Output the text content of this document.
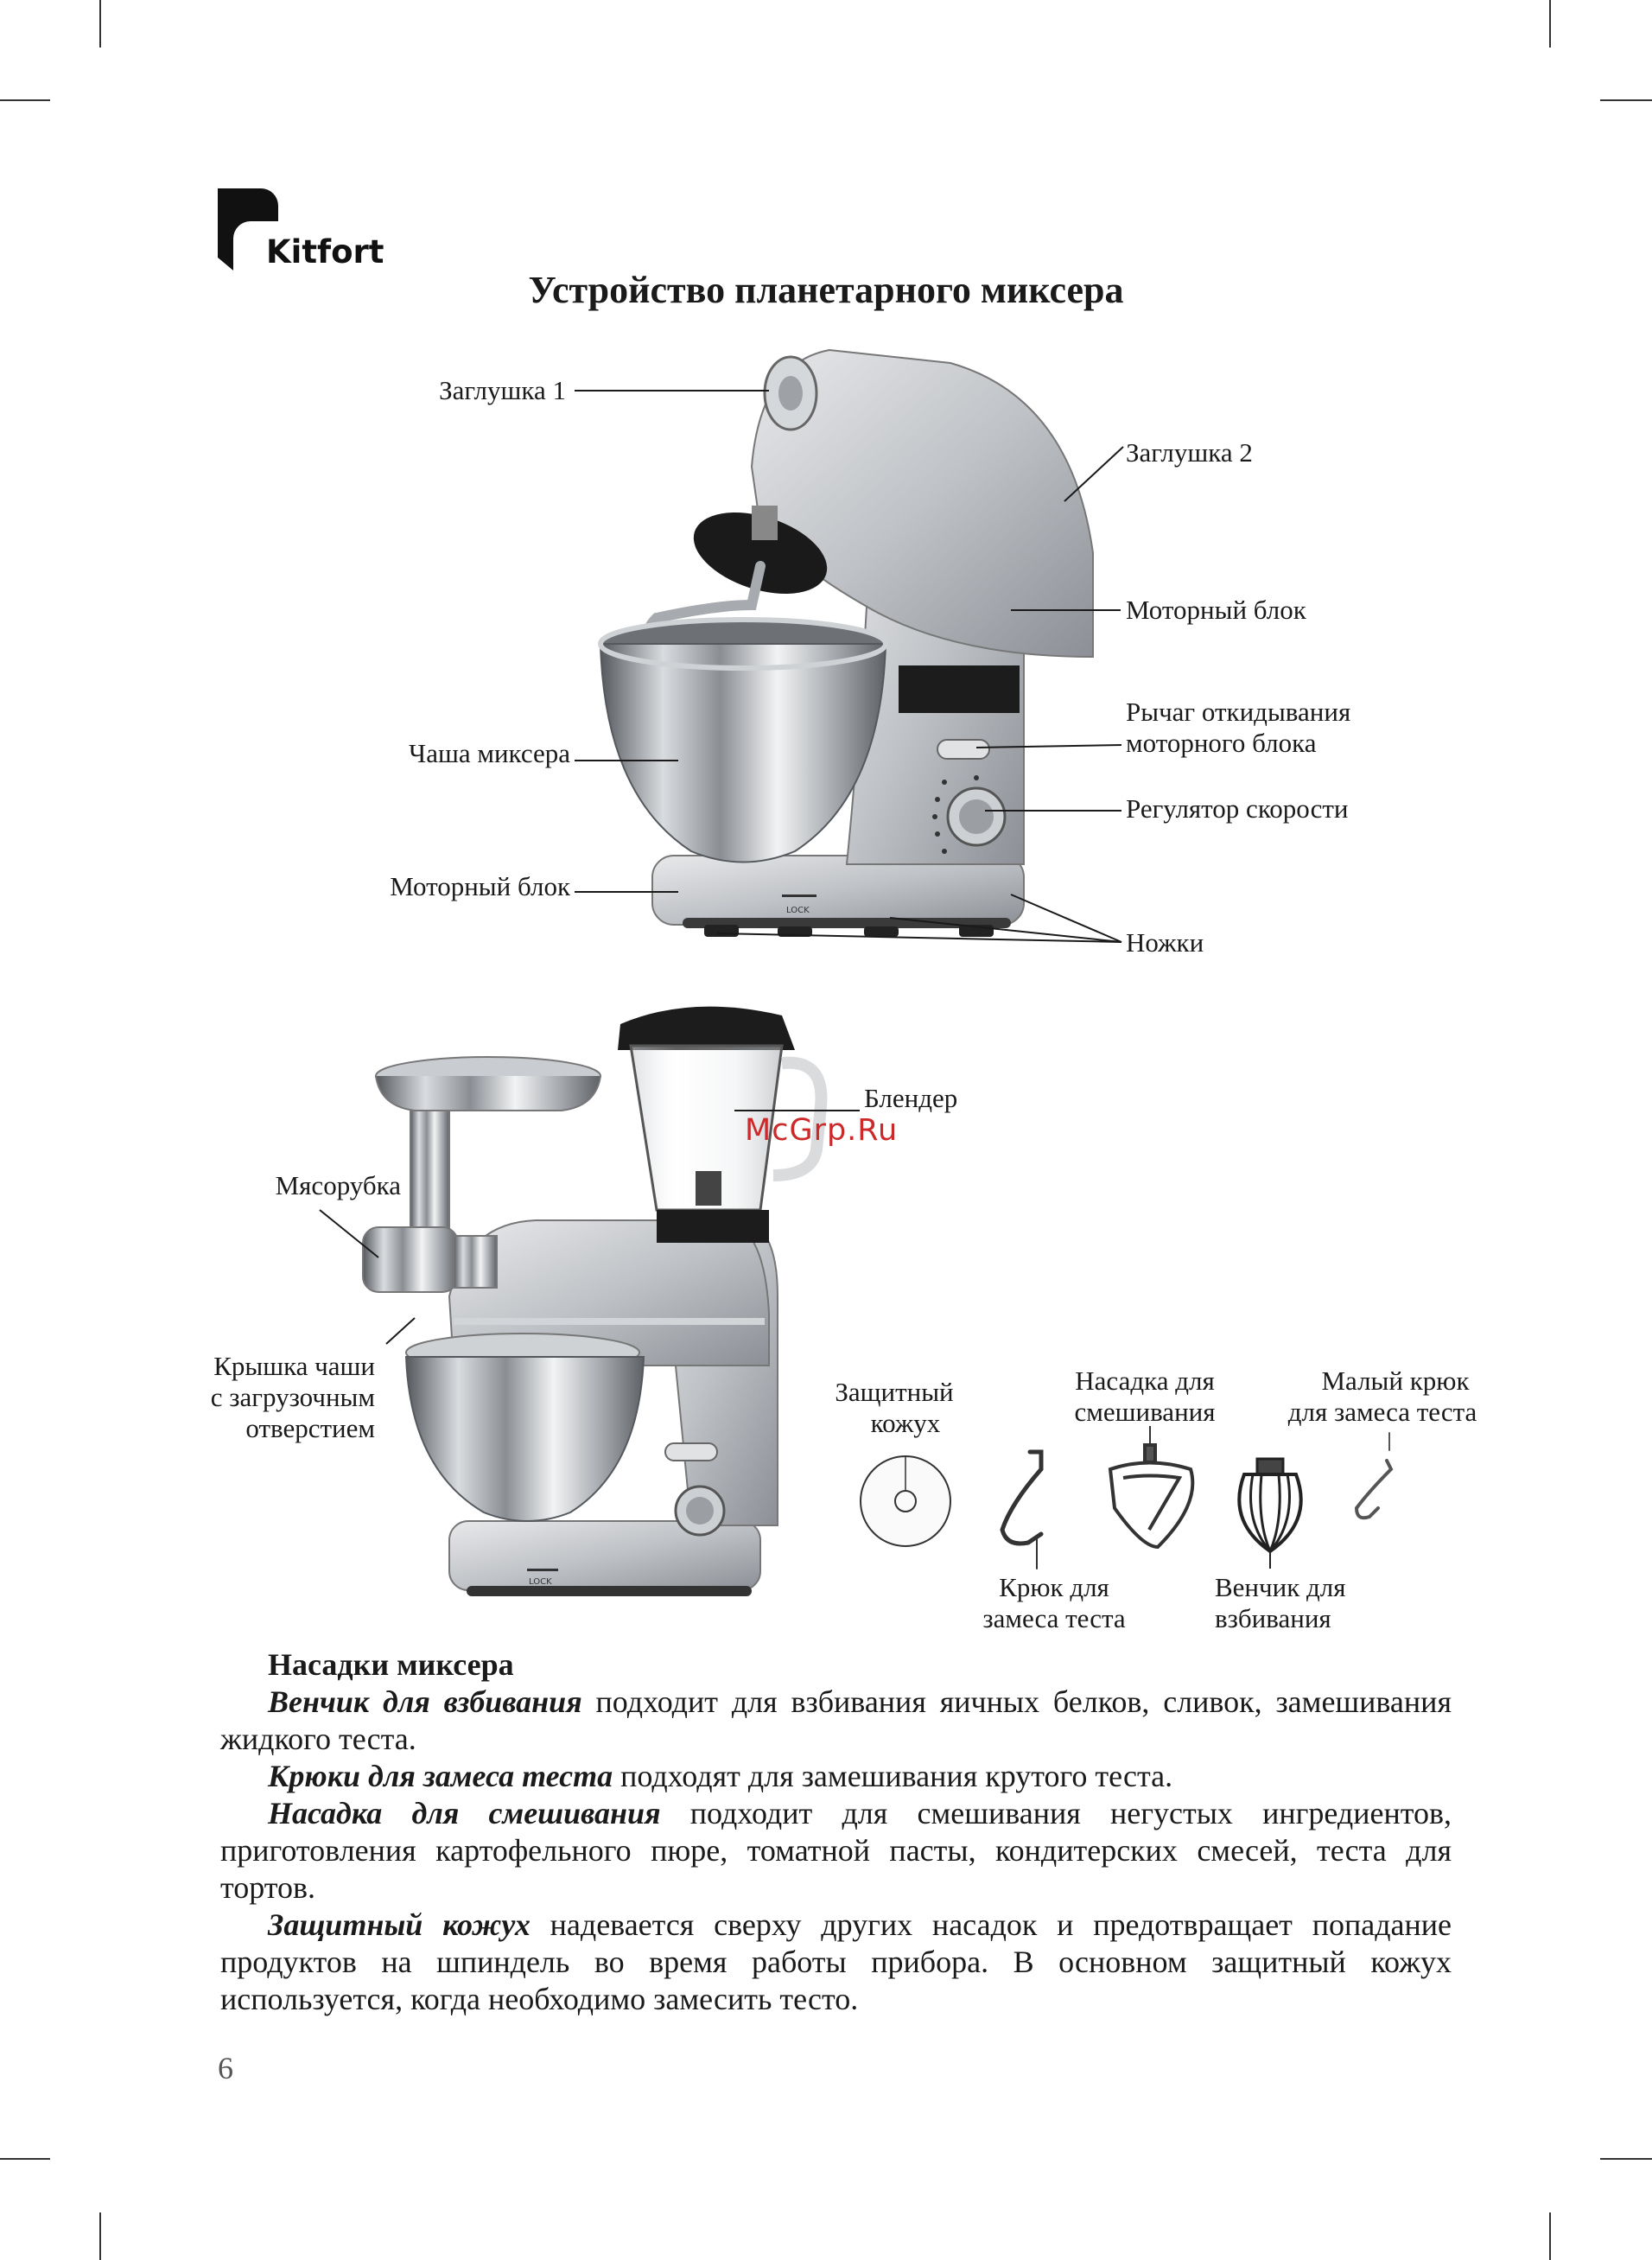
Kitfort
Устройство планетарного миксера
LOCK
LOCK
Заглушка 1
Заглушка 2
Моторный блок
Рычаг откидывания
моторного блока
Регулятор скорости
Чаша миксера
Моторный блок
Ножки
Блендер
McGrp.Ru
Мясорубка
Крышка чаши
с загрузочным
отверстием
Защитный
кожух
Насадка для
смешивания
Малый крюк
для замеса теста
Крюк для
замеса теста
Венчик для
взбивания

Насадки миксера

Венчик для взбивания подходит для взбивания яичных белков, сливок, замешивания жидкого теста.

Крюки для замеса теста подходят для замешивания крутого теста.

Насадка для смешивания подходит для смешивания негустых ингредиентов, приготовления картофельного пюре, томатной пасты, кондитерских смесей, теста для тортов.

Защитный кожух надевается сверху других насадок и предотвращает попадание продуктов на шпиндель во время работы прибора. В основном защитный кожух используется, когда необходимо замесить тесто.

6
